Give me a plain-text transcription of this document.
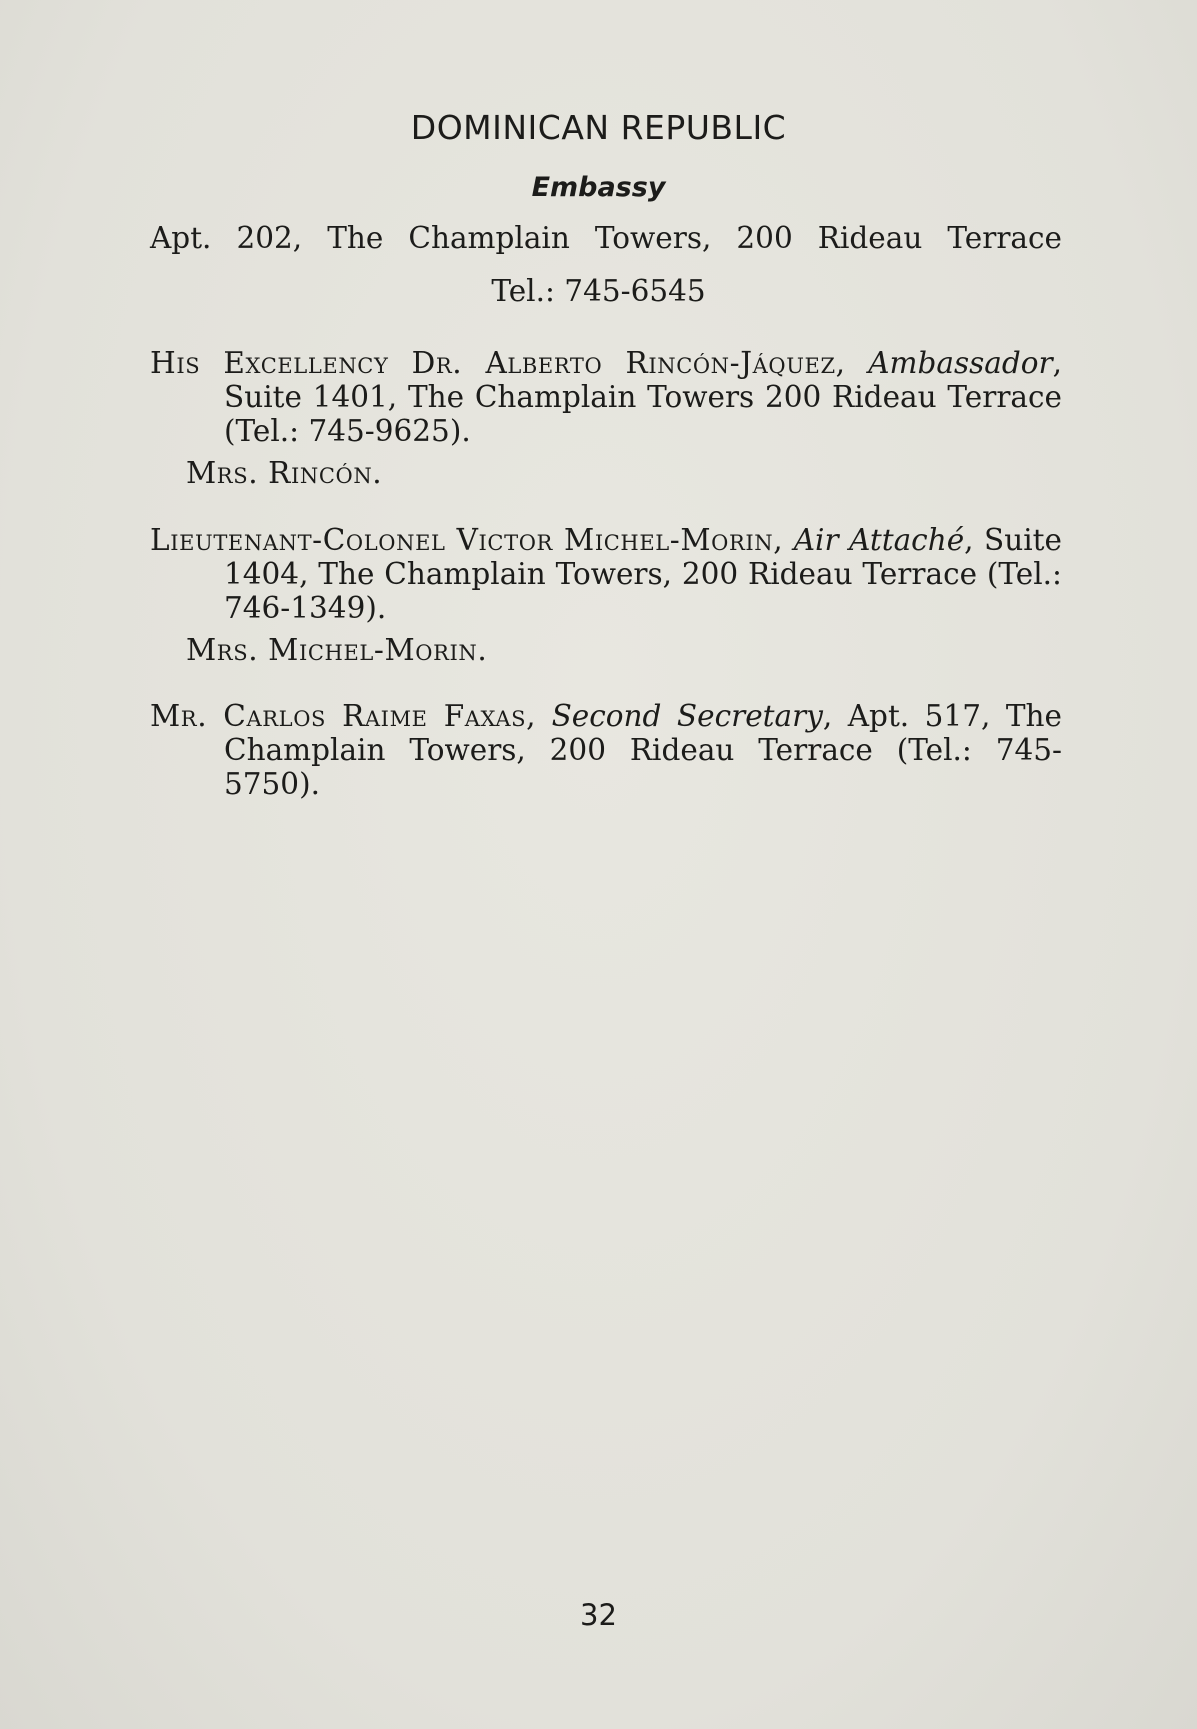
DOMINICAN REPUBLIC
Embassy
Apt. 202, The Champlain Towers, 200 Rideau Terrace
Tel.: 745-6545
His Excellency Dr. Alberto Rincón-Jáquez, Ambassador, Suite 1401, The Champlain Towers 200 Rideau Terrace (Tel.: 745-9625).
Mrs. Rincón.
Lieutenant-Colonel Victor Michel-Morin, Air Attaché, Suite 1404, The Champlain Towers, 200 Rideau Terrace (Tel.: 746-1349).
Mrs. Michel-Morin.
Mr. Carlos Raime Faxas, Second Secretary, Apt. 517, The Champlain Towers, 200 Rideau Terrace (Tel.: 745-5750).
32
